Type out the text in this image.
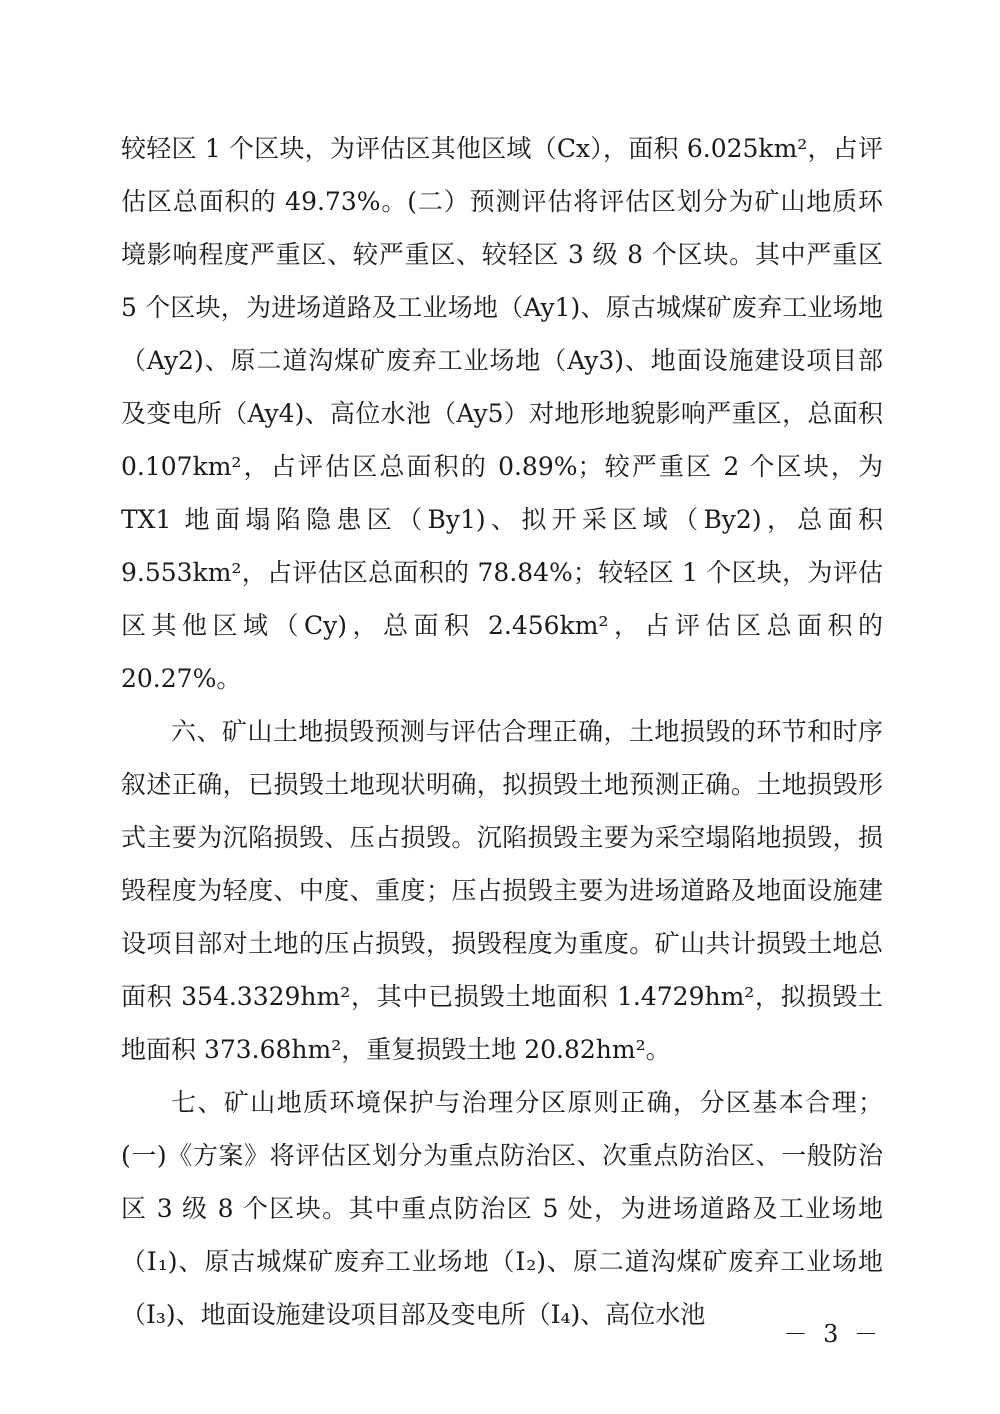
较轻区 1 个区块，为评估区其他区域（Cx），面积 6.025km²，占评估区总面积的 49.73%。(二）预测评估将评估区划分为矿山地质环境影响程度严重区、较严重区、较轻区 3 级 8 个区块。其中严重区 5 个区块，为进场道路及工业场地（Ay1)、原古城煤矿废弃工业场地（Ay2)、原二道沟煤矿废弃工业场地（Ay3)、地面设施建设项目部及变电所（Ay4)、高位水池（Ay5）对地形地貌影响严重区，总面积 0.107km²，占评估区总面积的 0.89%；较严重区 2 个区块，为 TX1 地面塌陷隐患区（By1)、拟开采区域（By2)，总面积 9.553km²，占评估区总面积的 78.84%；较轻区 1 个区块，为评估区其他区域（Cy)，总面积 2.456km²，占评估区总面积的 20.27%。

六、矿山土地损毁预测与评估合理正确，土地损毁的环节和时序叙述正确，已损毁土地现状明确，拟损毁土地预测正确。土地损毁形式主要为沉陷损毁、压占损毁。沉陷损毁主要为采空塌陷地损毁，损毁程度为轻度、中度、重度；压占损毁主要为进场道路及地面设施建设项目部对土地的压占损毁，损毁程度为重度。矿山共计损毁土地总面积 354.3329hm²，其中已损毁土地面积 1.4729hm²，拟损毁土地面积 373.68hm²，重复损毁土地 20.82hm²。

七、矿山地质环境保护与治理分区原则正确，分区基本合理；(一)《方案》将评估区划分为重点防治区、次重点防治区、一般防治区 3 级 8 个区块。其中重点防治区 5 处，为进场道路及工业场地（Ⅰ₁)、原古城煤矿废弃工业场地（Ⅰ₂)、原二道沟煤矿废弃工业场地（Ⅰ₃)、地面设施建设项目部及变电所（Ⅰ₄)、高位水池

－ 3 －
